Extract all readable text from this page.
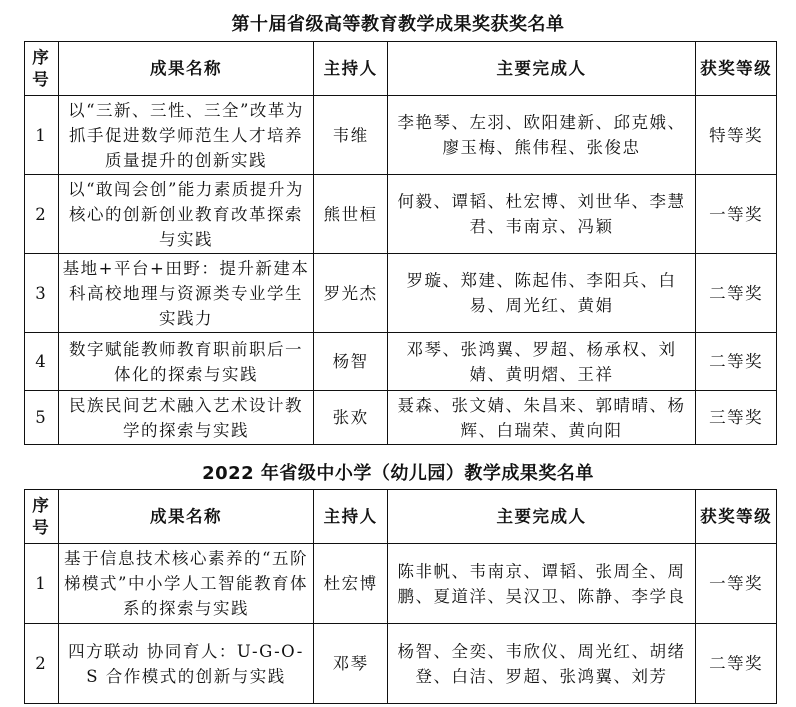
第十届省级高等教育教学成果奖获奖名单
序号	成果名称	主持人	主要完成人	获奖等级
1	以“三新、三性、三全”改革为抓手促进数学师范生人才培养质量提升的创新实践	韦维	李艳琴、左羽、欧阳建新、邱克娥、廖玉梅、熊伟程、张俊忠	特等奖
2	以“敢闯会创”能力素质提升为核心的创新创业教育改革探索与实践	熊世桓	何毅、谭韬、杜宏博、刘世华、李慧君、韦南京、冯颖	一等奖
3	基地+平台+田野：提升新建本科高校地理与资源类专业学生实践力	罗光杰	罗璇、郑建、陈起伟、李阳兵、白易、周光红、黄娟	二等奖
4	数字赋能教师教育职前职后一体化的探索与实践	杨智	邓琴、张鸿翼、罗超、杨承权、刘婧、黄明熠、王祥	二等奖
5	民族民间艺术融入艺术设计教学的探索与实践	张欢	聂森、张文婧、朱昌来、郭晴晴、杨辉、白瑞荣、黄向阳	三等奖
2022 年省级中小学（幼儿园）教学成果奖名单
序号	成果名称	主持人	主要完成人	获奖等级
1	基于信息技术核心素养的“五阶梯模式”中小学人工智能教育体系的探索与实践	杜宏博	陈非帆、韦南京、谭韬、张周全、周鹏、夏道洋、吴汉卫、陈静、李学良	一等奖
2	四方联动 协同育人：U-G-O-S 合作模式的创新与实践	邓琴	杨智、全奕、韦欣仪、周光红、胡绪登、白洁、罗超、张鸿翼、刘芳	二等奖
